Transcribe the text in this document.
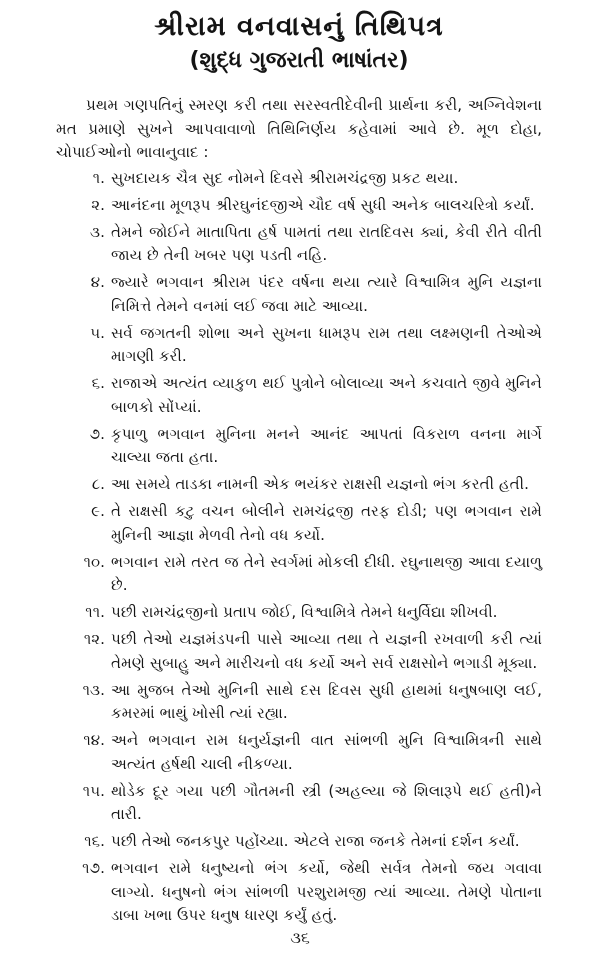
શ્રીરામ વનવાસનું તિથિપત્ર
(શુદ્ધ ગુજરાતી ભાષાંતર)

પ્રથમ ગણપતિનું સ્મરણ કરી તથા સરસ્વતીદેવીની પ્રાર્થના કરી, અગ્નિવેશના મત પ્રમાણે સુખને આપવાવાળો તિથિનિર્ણય કહેવામાં આવે છે. મૂળ દોહા, ચોપાઈઓનો ભાવાનુવાદ :

૧. સુખદાયક ચૈત્ર સુદ નોમને દિવસે શ્રીરામચંદ્રજી પ્રકટ થયા.
૨. આનંદના મૂળરૂપ શ્રીરઘુનંદજીએ ચૌદ વર્ષ સુધી અનેક બાલચરિત્રો કર્યાં.
૩. તેમને જોઈને માતાપિતા હર્ષ પામતાં તથા રાતદિવસ ક્યાં, કેવી રીતે વીતી જાય છે તેની ખબર પણ પડતી નહિ.
૪. જ્યારે ભગવાન શ્રીરામ પંદર વર્ષના થયા ત્યારે વિશ્વામિત્ર મુનિ યજ્ઞના નિમિત્તે તેમને વનમાં લઈ જવા માટે આવ્યા.
૫. સર્વ જગતની શોભા અને સુખના ધામરૂપ રામ તથા લક્ષ્મણની તેઓએ માગણી કરી.
૬. રાજાએ અત્યંત વ્યાકુળ થઈ પુત્રોને બોલાવ્યા અને કચવાતે જીવે મુનિને બાળકો સોંપ્યાં.
૭. કૃપાળુ ભગવાન મુનિના મનને આનંદ આપતાં વિકરાળ વનના માર્ગે ચાલ્યા જતા હતા.
૮. આ સમયે તાડકા નામની એક ભયંકર રાક્ષસી યજ્ઞનો ભંગ કરતી હતી.
૯. તે રાક્ષસી કટુ વચન બોલીને રામચંદ્રજી તરફ દોડી; પણ ભગવાન રામે મુનિની આજ્ઞા મેળવી તેનો વધ કર્યો.
૧૦. ભગવાન રામે તરત જ તેને સ્વર્ગમાં મોકલી દીધી. રઘુનાથજી આવા દયાળુ છે.
૧૧. પછી રામચંદ્રજીનો પ્રતાપ જોઈ, વિશ્વામિત્રે તેમને ધનુર્વિદ્યા શીખવી.
૧૨. પછી તેઓ યજ્ઞમંડપની પાસે આવ્યા તથા તે યજ્ઞની રખવાળી કરી ત્યાં તેમણે સુબાહુ અને મારીચનો વધ કર્યો અને સર્વ રાક્ષસોને ભગાડી મૂક્યા.
૧૩. આ મુજબ તેઓ મુનિની સાથે દસ દિવસ સુધી હાથમાં ધનુષબાણ લઈ, કમરમાં ભાથું ખોસી ત્યાં રહ્યા.
૧૪. અને ભગવાન રામ ધનુર્યજ્ઞની વાત સાંભળી મુનિ વિશ્વામિત્રની સાથે અત્યંત હર્ષથી ચાલી નીકળ્યા.
૧૫. થોડેક દૂર ગયા પછી ગૌતમની સ્ત્રી (અહલ્યા જે શિલારૂપે થઈ હતી)ને તારી.
૧૬. પછી તેઓ જનકપુર પહોંચ્યા. એટલે રાજા જનકે તેમનાં દર્શન કર્યાં.
૧૭. ભગવાન રામે ધનુષ્યનો ભંગ કર્યો, જેથી સર્વત્ર તેમનો જય ગવાવા લાગ્યો. ધનુષનો ભંગ સાંભળી પરશુરામજી ત્યાં આવ્યા. તેમણે પોતાના ડાબા ખભા ઉપર ધનુષ ધારણ કર્યું હતું.
૩૬
